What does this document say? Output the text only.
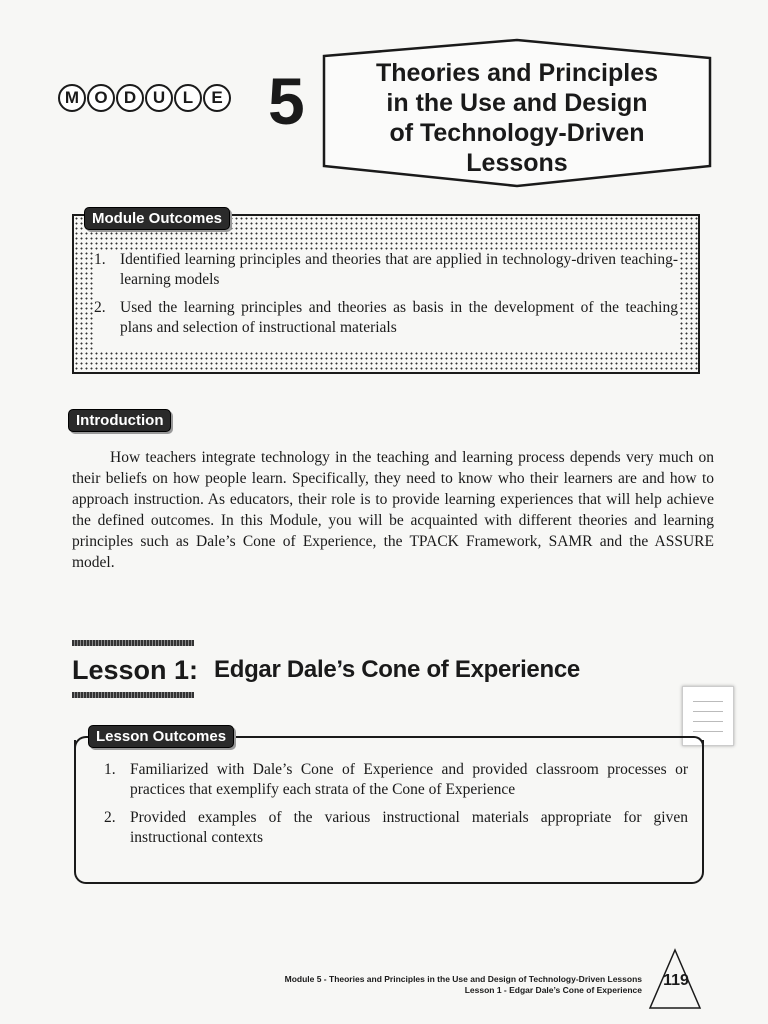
M O D U	L	E 5	Theories and Principles
in the Use and Design
of Technology-Driven
Lessons
1. Identified learning principles and theories that are applied in technology-driven teaching-learning models
2. Used the learning principles and theories as basis in the development of the teaching plans and selection of instructional materials
Module Outcomes
Introduction

How teachers integrate technology in the teaching and learning process depends very much on their beliefs on how people learn. Specifically, they need to know who their learners are and how to approach instruction. As educators, their role is to provide learning experiences that will help achieve the defined outcomes. In this Module, you will be acquainted with different theories and learning principles such as Dale’s Cone of Experience, the TPACK Framework, SAMR and the ASSURE model.

Lesson 1: Edgar Dale’s Cone of Experience
Lesson Outcomes
1. Familiarized with Dale’s Cone of Experience and provided classroom processes or practices that exemplify each strata of the Cone of Experience
2. Provided examples of the various instructional materials appropriate for given instructional contexts
Module 5 - Theories and Principles in the Use and Design of Technology-Driven Lessons
Lesson 1 - Edgar Dale’s Cone of Experience
119
